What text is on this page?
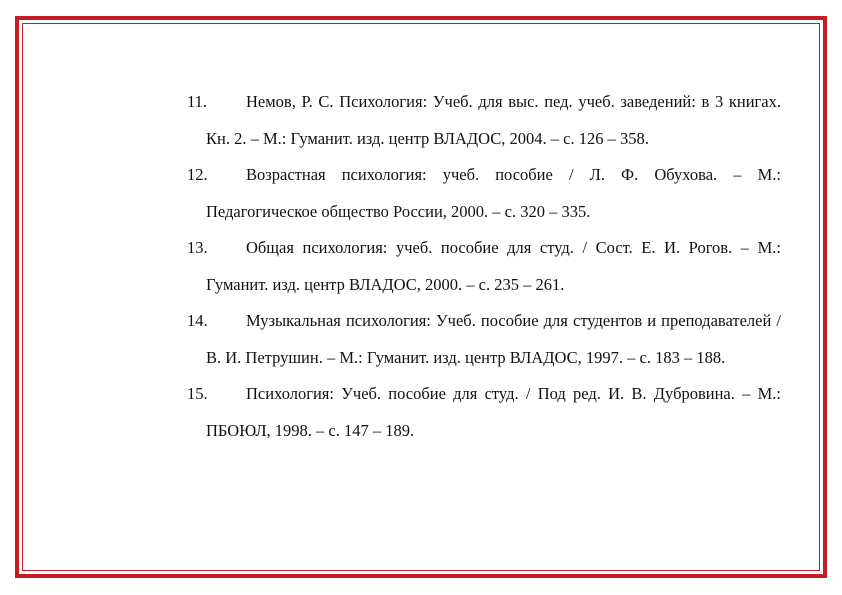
11. Немов, Р. С. Психология: Учеб. для выс. пед. учеб. заведений: в 3 книгах. Кн. 2. – М.: Гуманит. изд. центр ВЛАДОС, 2004. – с. 126 – 358.
12. Возрастная психология: учеб. пособие / Л. Ф. Обухова. – М.: Педагогическое общество России, 2000. – с. 320 – 335.
13. Общая психология: учеб. пособие для студ. / Сост. Е. И. Рогов. – М.: Гуманит. изд. центр ВЛАДОС, 2000. – с. 235 – 261.
14. Музыкальная психология: Учеб. пособие для студентов и преподавателей / В. И. Петрушин. – М.: Гуманит. изд. центр ВЛАДОС, 1997. – с. 183 – 188.
15. Психология: Учеб. пособие для студ. / Под ред. И. В. Дубровина. – М.: ПБОЮЛ, 1998. – с. 147 – 189.
